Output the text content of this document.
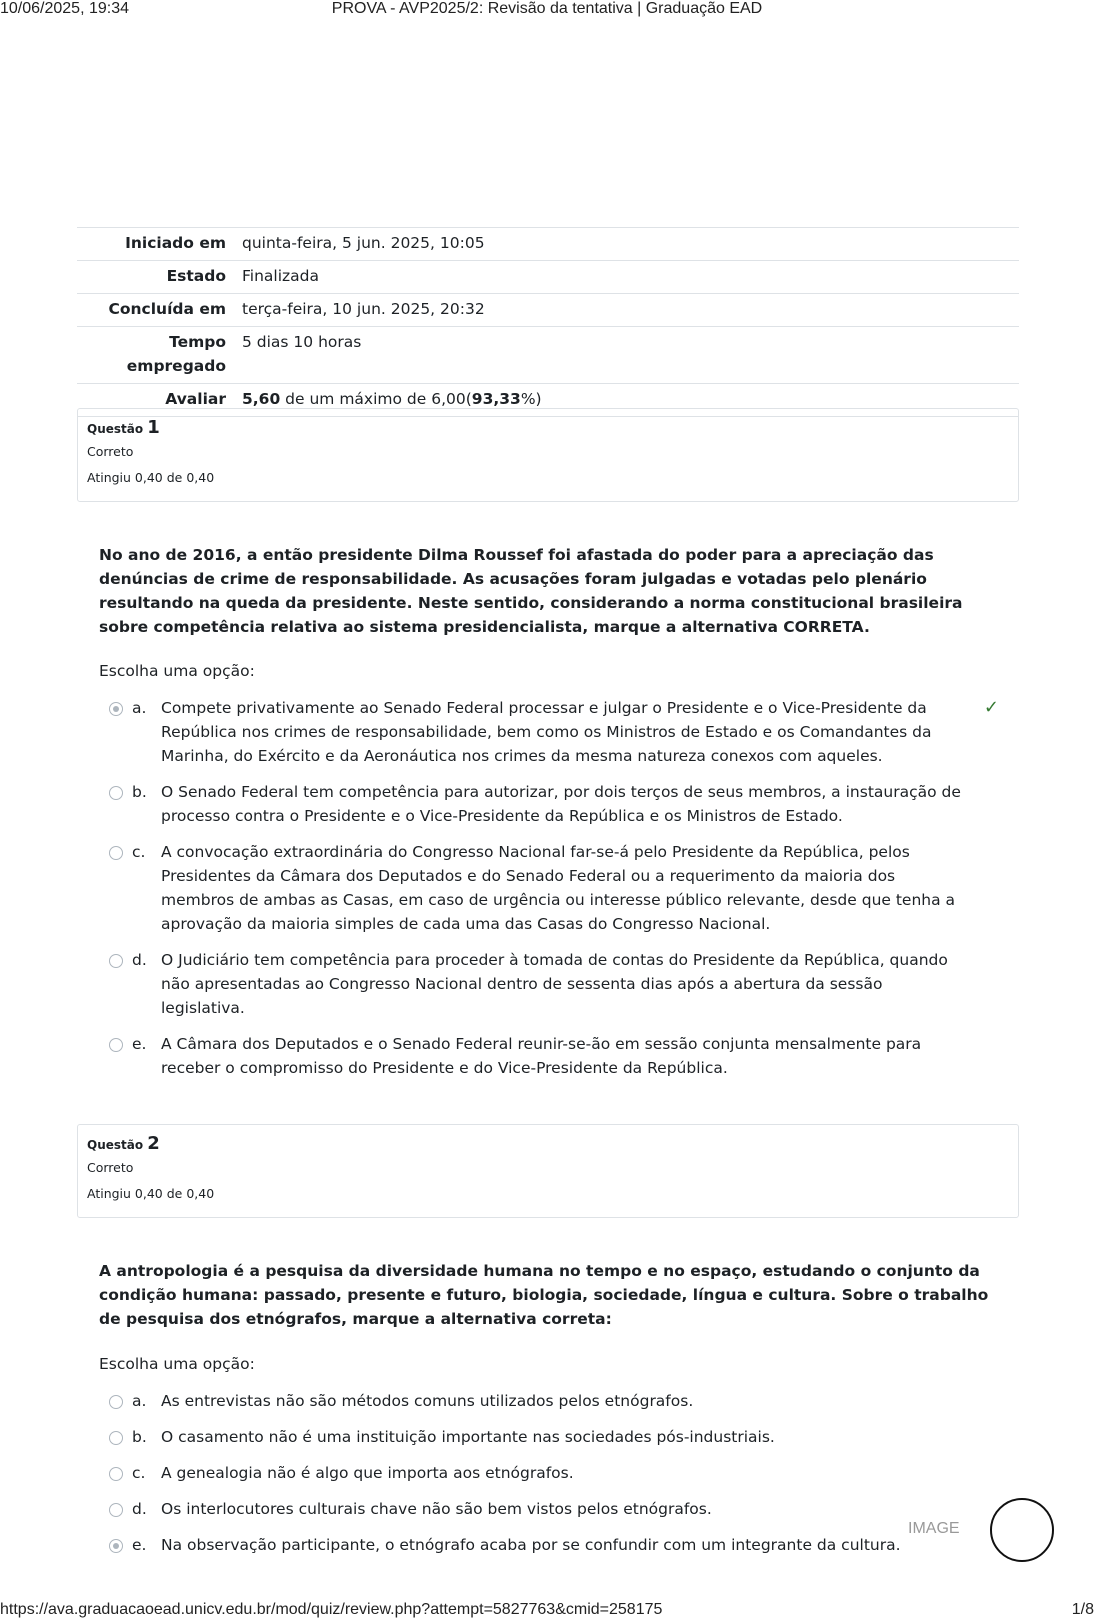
10/06/2025, 19:34	PROVA - AVP2025/2: Revisão da tentativa | Graduação EAD
Iniciado em	quinta-feira, 5 jun. 2025, 10:05
Estado	Finalizada
Concluída em	terça-feira, 10 jun. 2025, 20:32
Tempo
empregado	5 dias 10 horas
Avaliar	5,60 de um máximo de 6,00(93,33%)
Questão 1
Correto
Atingiu 0,40 de 0,40
No ano de 2016, a então presidente Dilma Roussef foi afastada do poder para a apreciação das denúncias de crime de responsabilidade. As acusações foram julgadas e votadas pelo plenário resultando na queda da presidente. Neste sentido, considerando a norma constitucional brasileira sobre competência relativa ao sistema presidencialista, marque a alternativa CORRETA.
Escolha uma opção:
a. Compete privativamente ao Senado Federal processar e julgar o Presidente e o Vice-Presidente da República nos crimes de responsabilidade, bem como os Ministros de Estado e os Comandantes da Marinha, do Exército e da Aeronáutica nos crimes da mesma natureza conexos com aqueles.
✓
b. O Senado Federal tem competência para autorizar, por dois terços de seus membros, a instauração de processo contra o Presidente e o Vice-Presidente da República e os Ministros de Estado.
c.	A convocação extraordinária do Congresso Nacional far-se-á pelo Presidente da República, pelos Presidentes da Câmara dos Deputados e do Senado Federal ou a requerimento da maioria dos membros de ambas as Casas, em caso de urgência ou interesse público relevante, desde que tenha a aprovação da maioria simples de cada uma das Casas do Congresso Nacional.
d. O Judiciário tem competência para proceder à tomada de contas do Presidente da República, quando não apresentadas ao Congresso Nacional dentro de sessenta dias após a abertura da sessão legislativa.
e. A Câmara dos Deputados e o Senado Federal reunir-se-ão em sessão conjunta mensalmente para receber o compromisso do Presidente e do Vice-Presidente da República.
Questão 2
Correto
Atingiu 0,40 de 0,40
A antropologia é a pesquisa da diversidade humana no tempo e no espaço, estudando o conjunto da condição humana: passado, presente e futuro, biologia, sociedade, língua e cultura. Sobre o trabalho de pesquisa dos etnógrafos, marque a alternativa correta:
Escolha uma opção:
a. As entrevistas não são métodos comuns utilizados pelos etnógrafos.
b. O casamento não é uma instituição importante nas sociedades pós-industriais.
c.	A genealogia não é algo que importa aos etnógrafos.
d. Os interlocutores culturais chave não são bem vistos pelos etnógrafos.
e. Na observação participante, o etnógrafo acaba por se confundir com um integrante da cultura.
IMAGE
https://ava.graduacaoead.unicv.edu.br/mod/quiz/review.php?attempt=5827763&cmid=258175	1/8
